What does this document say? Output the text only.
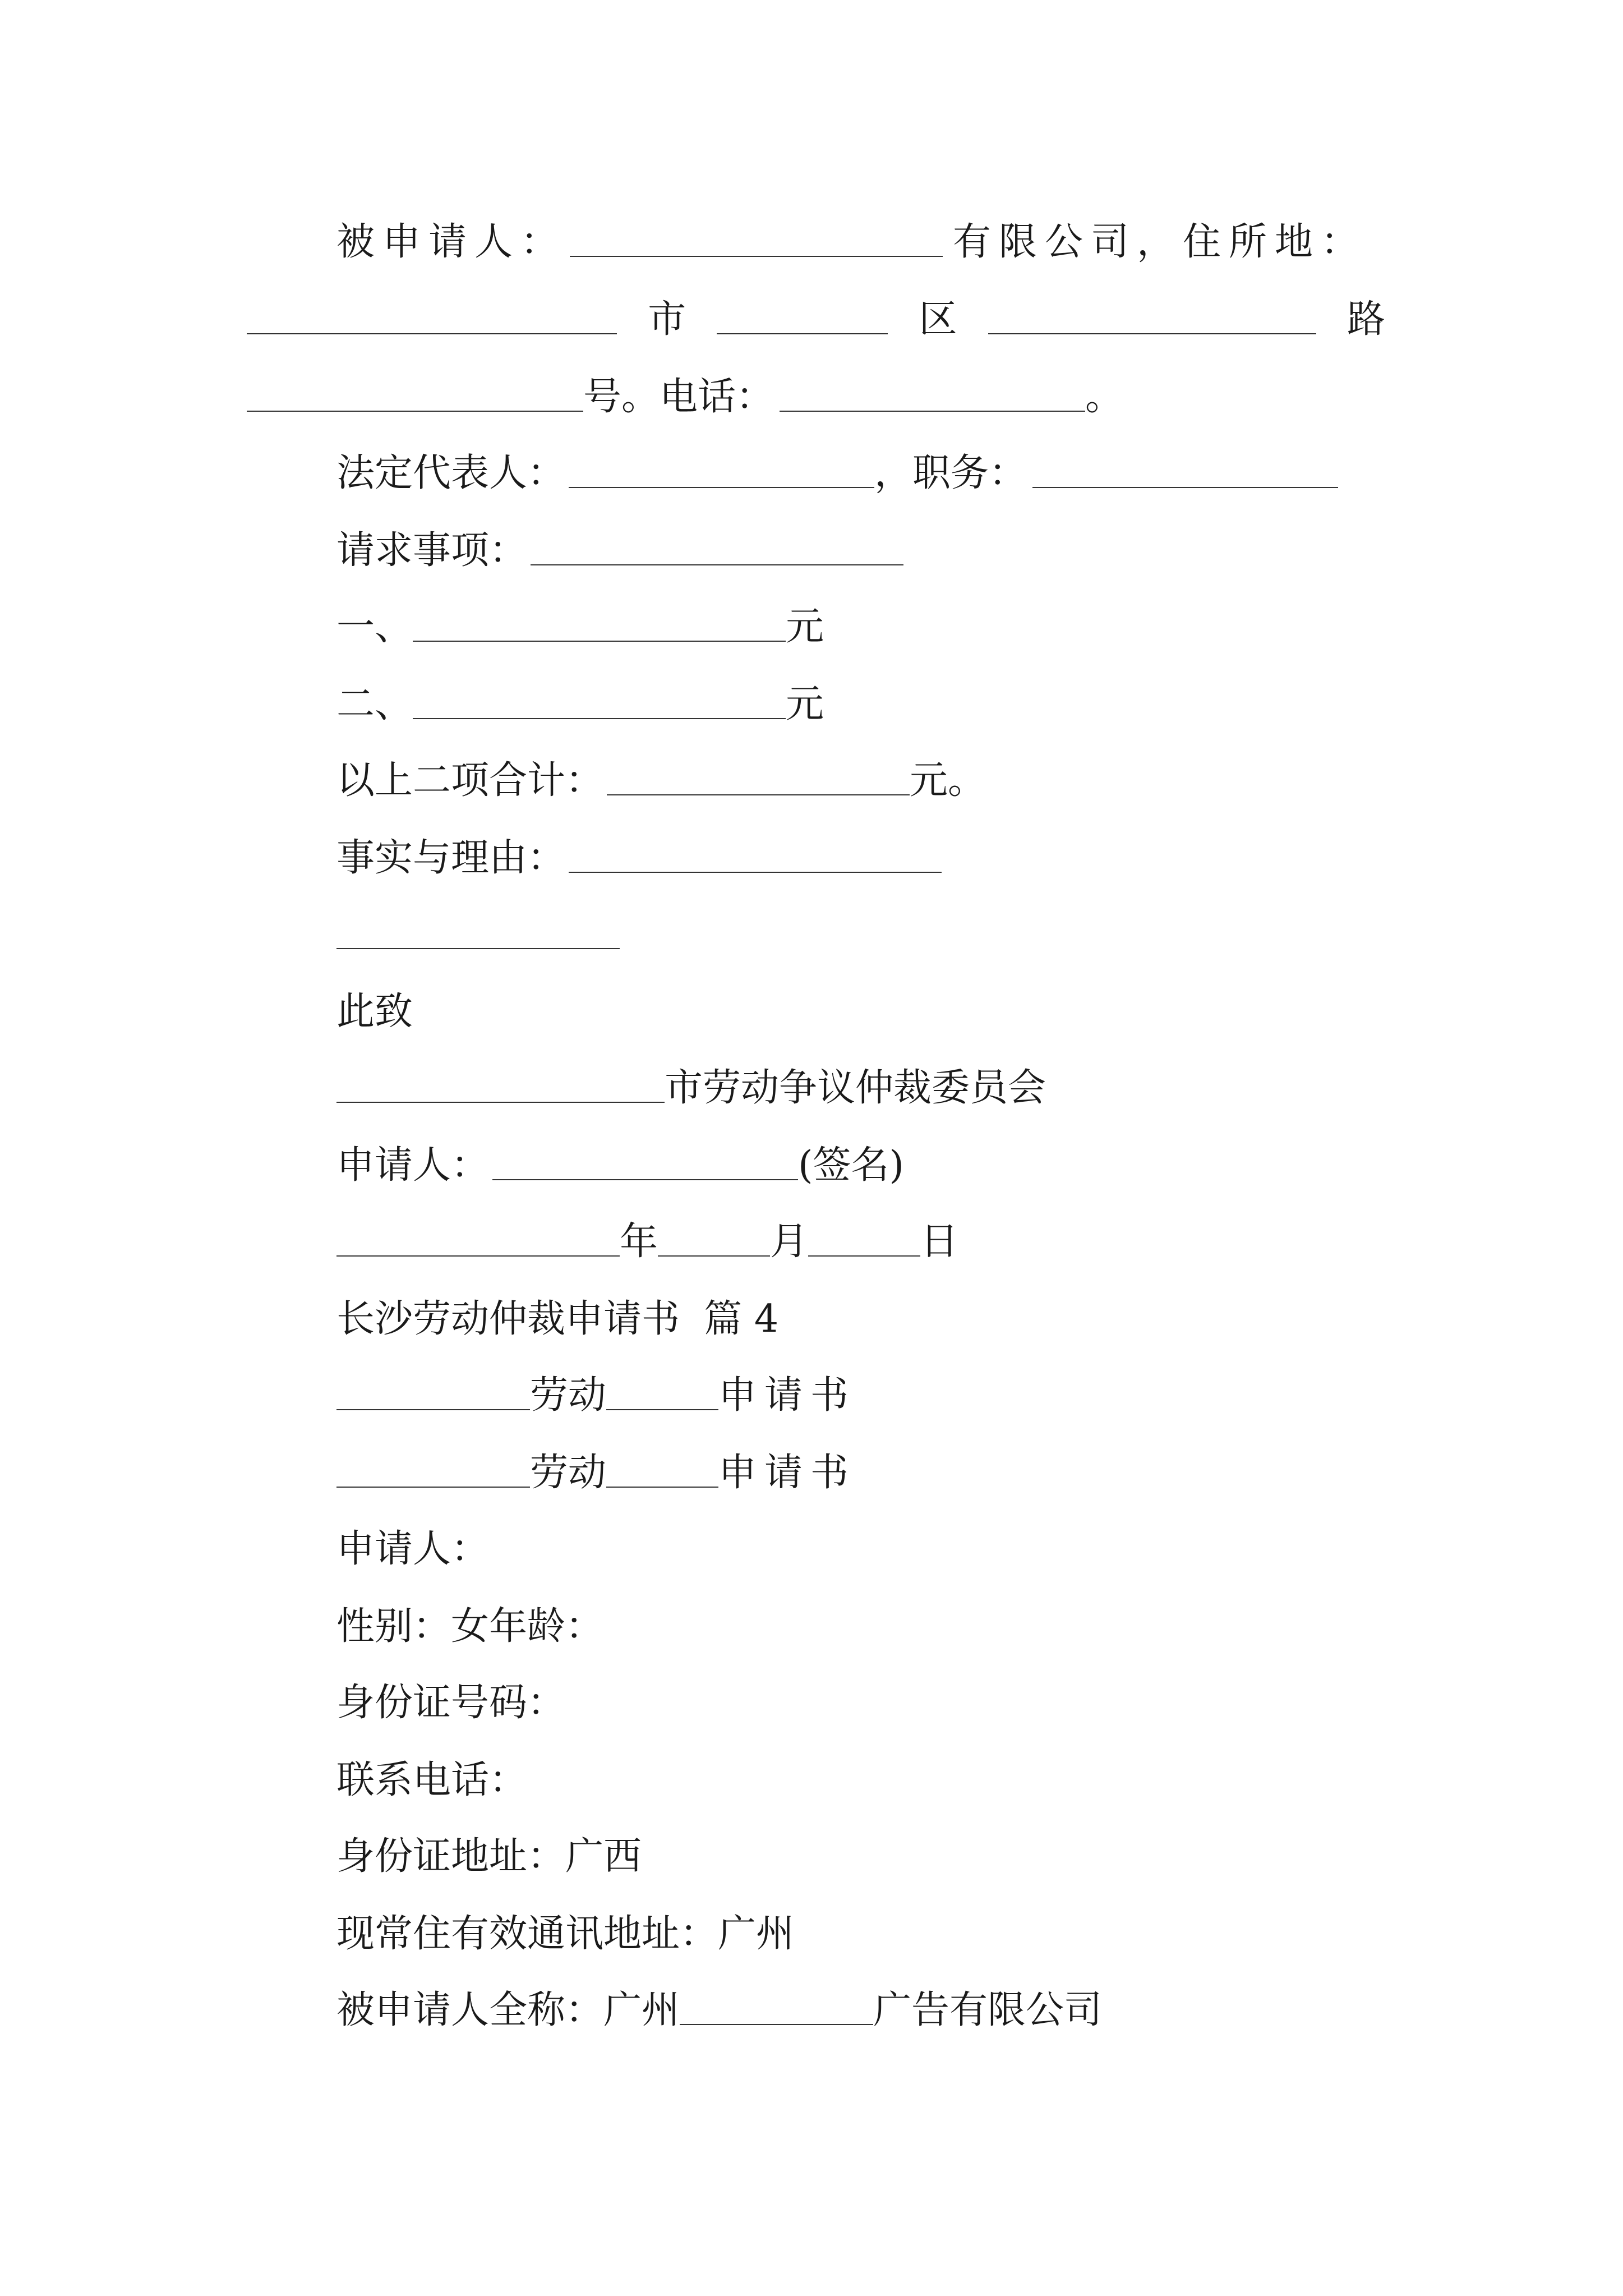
被申请人：	有限公司，住所地：
市	区	路
号。电话：	。
法定代表人：	，职务：
请求事项：
一、	元
二、	元
以上二项合计：	元。
事实与理由：
此致
市劳动争议仲裁委员会
申请人：	(签名)
年	月	日
长沙劳动仲裁申请书  篇 4
劳动	申请书
劳动	申请书
申请人：
性别：女年龄：
身份证号码：
联系电话：
身份证地址：广西
现常住有效通讯地址：广州
被申请人全称：广州	广告有限公司
